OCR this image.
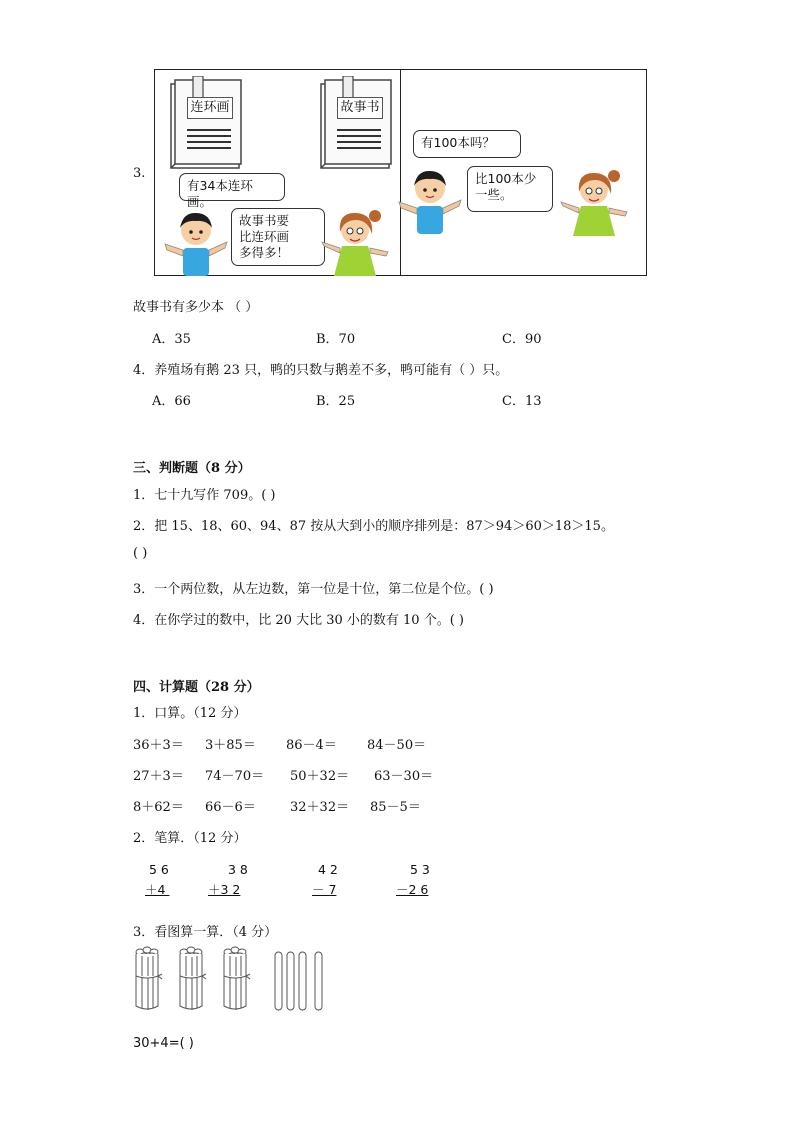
3.
连环画
有34本连环画。
故事书要
比连环画
多得多！
故事书
有100本吗？
比100本少
一些。
故事书有多少本 （ ）
A．35	B．70	C．90
4．养殖场有鹅 23 只，鸭的只数与鹅差不多，鸭可能有（ ）只。
A．66	B．25	C．13
三、判断题（8 分）
1．七十九写作 709。( )
2．把 15、18、60、94、87 按从大到小的顺序排列是：87＞94＞60＞18＞15。
( )
3．一个两位数，从左边数，第一位是十位，第二位是个位。( )
4．在你学过的数中，比 20 大比 30 小的数有 10 个。( )
四、计算题（28 分）
1．口算。（12 分）
36＋3＝ 3＋85＝ 86－4＝ 84－50＝
27＋3＝ 74－70＝ 50＋32＝ 63－30＝
8＋62＝ 66－6＝	32＋32＝ 85－5＝
2．笔算．（12 分）
5 6
＋4
3 8
＋3 2
4 2
－ 7
5 3
－2 6
3．看图算一算．（4 分）
30+4=( )
